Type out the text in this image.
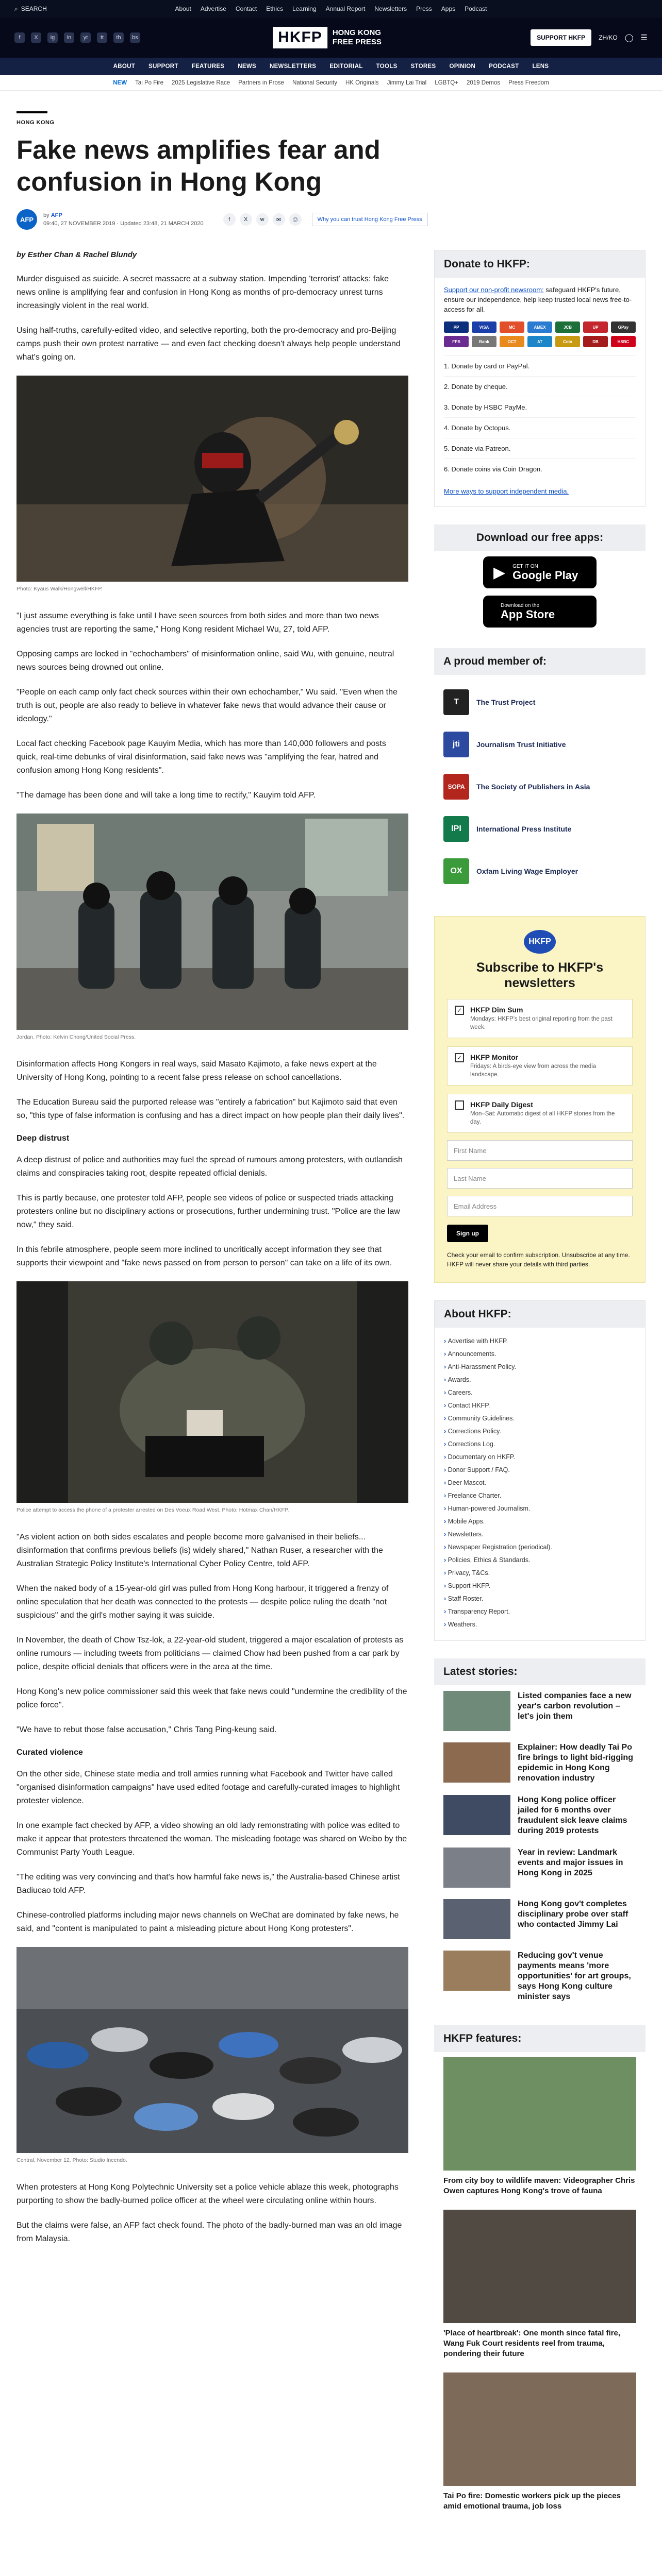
⌕ SEARCH	About Advertise Contact Ethics Learning Annual Report Newsletters Press Apps Podcast
f	X	ig	in	yt	tt	th	bs	HKFP	HONG KONG FREE PRESS	SUPPORT HKFP	ZH/KO ◯ ☰
ABOUT SUPPORT FEATURES NEWS NEWSLETTERS EDITORIAL TOOLS STORES OPINION PODCAST LENS
NEW Tai Po Fire 2025 Legislative Race Partners in Prose National Security HK Originals Jimmy Lai Trial LGBTQ+ 2019 Demos Press Freedom
HONG KONG
Fake news amplifies fear and confusion in Hong Kong
AFP
by AFP
09:40, 27 NOVEMBER 2019 · Updated 23:48, 21 MARCH 2020
f	X	w	✉	⎙	Why you can trust Hong Kong Free Press
by Esther Chan & Rachel Blundy

Murder disguised as suicide. A secret massacre at a subway station. Impending 'terrorist' attacks: fake news online is amplifying fear and confusion in Hong Kong as months of pro-democracy unrest turns increasingly violent in the real world.

Using half-truths, carefully-edited video, and selective reporting, both the pro-democracy and pro-Beijing camps push their own protest narrative — and even fact checking doesn't always help people understand what's going on.

Photo: Kyaus Walk/Hongwell/HKFP.

"I just assume everything is fake until I have seen sources from both sides and more than two news agencies trust are reporting the same," Hong Kong resident Michael Wu, 27, told AFP.

Opposing camps are locked in "echochambers" of misinformation online, said Wu, with genuine, neutral news sources being drowned out online.

"People on each camp only fact check sources within their own echochamber," Wu said. "Even when the truth is out, people are also ready to believe in whatever fake news that would advance their cause or ideology."

Local fact checking Facebook page Kauyim Media, which has more than 140,000 followers and posts quick, real-time debunks of viral disinformation, said fake news was "amplifying the fear, hatred and confusion among Hong Kong residents".

"The damage has been done and will take a long time to rectify," Kauyim told AFP.

Jordan. Photo: Kelvin Chong/United Social Press.

Disinformation affects Hong Kongers in real ways, said Masato Kajimoto, a fake news expert at the University of Hong Kong, pointing to a recent false press release on school cancellations.

The Education Bureau said the purported release was "entirely a fabrication" but Kajimoto said that even so, "this type of false information is confusing and has a direct impact on how people plan their daily lives".

Deep distrust

A deep distrust of police and authorities may fuel the spread of rumours among protesters, with outlandish claims and conspiracies taking root, despite repeated official denials.

This is partly because, one protester told AFP, people see videos of police or suspected triads attacking protesters online but no disciplinary actions or prosecutions, further undermining trust. "Police are the law now," they said.

In this febrile atmosphere, people seem more inclined to uncritically accept information they see that supports their viewpoint and "fake news passed on from person to person" can take on a life of its own.

Police attempt to access the phone of a protester arrested on Des Voeux Road West. Photo: Hotmax Chan/HKFP.

"As violent action on both sides escalates and people become more galvanised in their beliefs... disinformation that confirms previous beliefs (is) widely shared," Nathan Ruser, a researcher with the Australian Strategic Policy Institute's International Cyber Policy Centre, told AFP.

When the naked body of a 15-year-old girl was pulled from Hong Kong harbour, it triggered a frenzy of online speculation that her death was connected to the protests — despite police ruling the death "not suspicious" and the girl's mother saying it was suicide.

In November, the death of Chow Tsz-lok, a 22-year-old student, triggered a major escalation of protests as online rumours — including tweets from politicians — claimed Chow had been pushed from a car park by police, despite official denials that officers were in the area at the time.

Hong Kong's new police commissioner said this week that fake news could "undermine the credibility of the police force".

"We have to rebut those false accusation," Chris Tang Ping-keung said.

Curated violence

On the other side, Chinese state media and troll armies running what Facebook and Twitter have called "organised disinformation campaigns" have used edited footage and carefully-curated images to highlight protester violence.

In one example fact checked by AFP, a video showing an old lady remonstrating with police was edited to make it appear that protesters threatened the woman. The misleading footage was shared on Weibo by the Communist Party Youth League.

"The editing was very convincing and that's how harmful fake news is," the Australia-based Chinese artist Badiucao told AFP.

Chinese-controlled platforms including major news channels on WeChat are dominated by fake news, he said, and "content is manipulated to paint a misleading picture about Hong Kong protesters".

Central, November 12. Photo: Studio Incendo.

When protesters at Hong Kong Polytechnic University set a police vehicle ablaze this week, photographs purporting to show the badly-burned police officer at the wheel were circulating online within hours.

But the claims were false, an AFP fact check found. The photo of the badly-burned man was an old image from Malaysia.

Donate to HKFP:
Support our non-profit newsroom: safeguard HKFP's future, ensure our independence, help keep trusted local news free-to-access for all.
PP	VISA	MC	AMEX	JCB	UP	GPay
FPS	Bank	OCT	AT	Coin	DB	HSBC
1. Donate by card or PayPal.
2. Donate by cheque.
3. Donate by HSBC PayMe.
4. Donate by Octopus.
5. Donate via Patreon.
6. Donate coins via Coin Dragon.
More ways to support independent media.
Download our free apps:
▶ GET IT ON
Google Play
Download on the
App Store
A proud member of:
T	The Trust Project
jti	Journalism Trust Initiative
SOPA	The Society of Publishers in Asia
IPI	International Press Institute
OX	Oxfam Living Wage Employer
HKFP
Subscribe to HKFP's newsletters
✓ HKFP Dim Sum
Mondays: HKFP's best original reporting from the past week.
✓ HKFP Monitor
Fridays: A birds-eye view from across the media landscape.
HKFP Daily Digest
Mon–Sat: Automatic digest of all HKFP stories from the day.
First Name
Last Name
Email Address
Sign up
Check your email to confirm subscription. Unsubscribe at any time. HKFP will never share your details with third parties.
About HKFP:
› Advertise with HKFP.
› Announcements.
› Anti-Harassment Policy.
› Awards.
› Careers.
› Contact HKFP.
› Community Guidelines.
› Corrections Policy.
› Corrections Log.
› Documentary on HKFP.
› Donor Support / FAQ.
› Deer Mascot.
› Freelance Charter.
› Human-powered Journalism.
› Mobile Apps.
› Newsletters.
› Newspaper Registration (periodical).
› Policies, Ethics & Standards.
› Privacy, T&Cs.
› Support HKFP.
› Staff Roster.
› Transparency Report.
› Weathers.
Latest stories:
Listed companies face a new year's carbon revolution – let's join them
Explainer: How deadly Tai Po fire brings to light bid-rigging epidemic in Hong Kong renovation industry
Hong Kong police officer jailed for 6 months over fraudulent sick leave claims during 2019 protests
Year in review: Landmark events and major issues in Hong Kong in 2025
Hong Kong gov't completes disciplinary probe over staff who contacted Jimmy Lai
Reducing gov't venue payments means 'more opportunities' for art groups, says Hong Kong culture minister says
HKFP features:
From city boy to wildlife maven: Videographer Chris Owen captures Hong Kong's trove of fauna
'Place of heartbreak': One month since fatal fire, Wang Fuk Court residents reel from trauma, pondering their future
Tai Po fire: Domestic workers pick up the pieces amid emotional trauma, job loss
